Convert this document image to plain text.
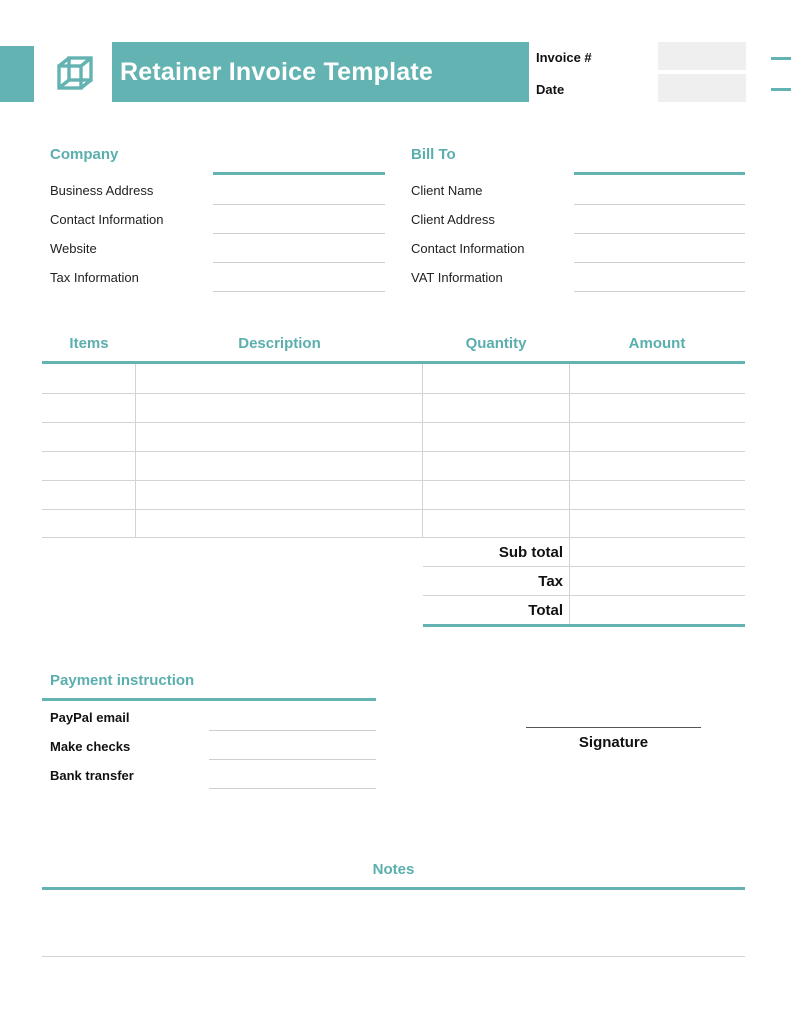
Retainer Invoice Template	Invoice #
Date
Company
Business Address
Contact Information
Website
Tax Information
Bill To
Client Name
Client Address
Contact Information
VAT Information
Items	Description	Quantity	Amount
Sub total
Tax
Total
Payment instruction
PayPal email
Make checks
Bank transfer
Signature
Notes
